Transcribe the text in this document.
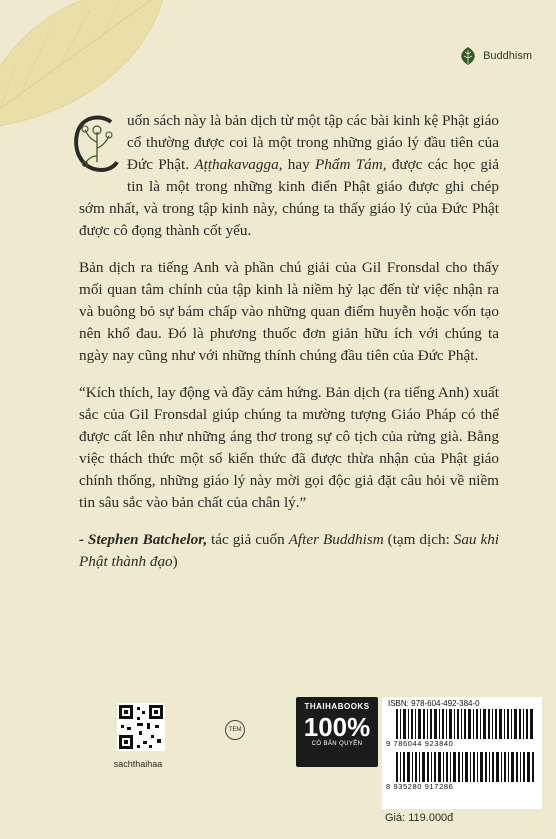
Buddhism

uốn sách này là bản dịch từ một tập các bài kinh kệ Phật giáo cổ thường được coi là một trong những giáo lý đầu tiên của Đức Phật. Aṭṭhakavagga, hay Phẩm Tám, được các học giả tin là một trong những kinh điển Phật giáo được ghi chép sớm nhất, và trong tập kinh này, chúng ta thấy giáo lý của Đức Phật được cô đọng thành cốt yếu.

Bản dịch ra tiếng Anh và phần chú giải của Gil Fronsdal cho thấy mối quan tâm chính của tập kinh là niềm hỷ lạc đến từ việc nhận ra và buông bỏ sự bám chấp vào những quan điểm huyễn hoặc vốn tạo nên khổ đau. Đó là phương thuốc đơn giản hữu ích với chúng ta ngày nay cũng như với những thính chúng đầu tiên của Đức Phật.

“Kích thích, lay động và đầy cảm hứng. Bản dịch (ra tiếng Anh) xuất sắc của Gil Fronsdal giúp chúng ta mường tượng Giáo Pháp có thể được cất lên như những áng thơ trong sự cô tịch của rừng già. Bằng việc thách thức một số kiến thức đã được thừa nhận của Phật giáo chính thống, những giáo lý này mời gọi độc giả đặt câu hỏi về niềm tin sâu sắc vào bản chất của chân lý.”

- Stephen Batchelor, tác giả cuốn After Buddhism (tạm dịch: Sau khi Phật thành đạo)

sachthaihaa
TEM
THAIHABOOKS
100%
CÓ BẢN QUYỀN
ISBN: 978-604-492-384-0
9 786044 923840
8 935280 917286
Giá: 119.000đ
